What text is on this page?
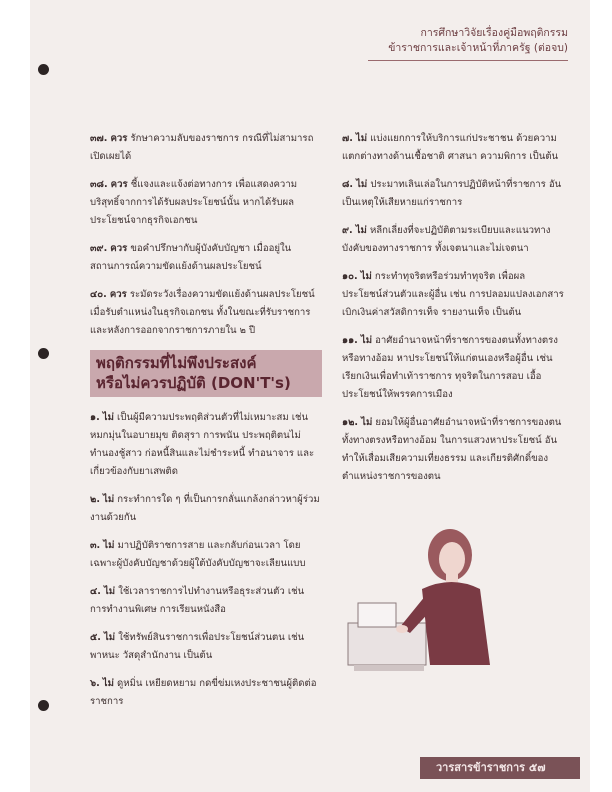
การศึกษาวิจัยเรื่องคู่มือพฤติกรรม
ข้าราชการและเจ้าหน้าที่ภาครัฐ (ต่อจบ)
๓๗. ควร รักษาความลับของราชการ กรณีที่ไม่สามารถเปิดเผยได้
๓๘. ควร ชี้แจงและแจ้งต่อทางการ เพื่อแสดงความบริสุทธิ์จากการได้รับผลประโยชน์นั้น หากได้รับผลประโยชน์จากธุรกิจเอกชน
๓๙. ควร ขอคำปรึกษากับผู้บังคับบัญชา เมื่ออยู่ในสถานการณ์ความขัดแย้งด้านผลประโยชน์
๔๐. ควร ระมัดระวังเรื่องความขัดแย้งด้านผลประโยชน์ เมื่อรับตำแหน่งในธุรกิจเอกชน ทั้งในขณะที่รับราชการ และหลังการออกจากราชการภายใน ๒ ปี
พฤติกรรมที่ไม่พึงประสงค์
หรือไม่ควรปฏิบัติ (DON'T's)
๑. ไม่ เป็นผู้มีความประพฤติส่วนตัวที่ไม่เหมาะสม เช่น หมกมุ่นในอบายมุข ติดสุรา การพนัน ประพฤติตนไม่ทำนองชู้สาว ก่อหนี้สินและไม่ชำระหนี้ ทำอนาจาร และเกี่ยวข้องกับยาเสพติด
๒. ไม่ กระทำการใด ๆ ที่เป็นการกลั่นแกล้งกล่าวหาผู้ร่วมงานด้วยกัน
๓. ไม่ มาปฏิบัติราชการสาย และกลับก่อนเวลา โดยเฉพาะผู้บังคับบัญชาด้วยผู้ใต้บังคับบัญชาจะเลียนแบบ
๔. ไม่ ใช้เวลาราชการไปทำงานหรือธุระส่วนตัว เช่น การทำงานพิเศษ การเรียนหนังสือ
๕. ไม่ ใช้ทรัพย์สินราชการเพื่อประโยชน์ส่วนตน เช่น พาหนะ วัสดุสำนักงาน เป็นต้น
๖. ไม่ ดูหมิ่น เหยียดหยาม กดขี่ข่มเหงประชาชนผู้ติดต่อราชการ
๗. ไม่ แบ่งแยกการให้บริการแก่ประชาชน ด้วยความแตกต่างทางด้านเชื้อชาติ ศาสนา ความพิการ เป็นต้น
๘. ไม่ ประมาทเลินเล่อในการปฏิบัติหน้าที่ราชการ อันเป็นเหตุให้เสียหายแก่ราชการ
๙. ไม่ หลีกเลี่ยงที่จะปฏิบัติตามระเบียบและแนวทางบังคับของทางราชการ ทั้งเจตนาและไม่เจตนา
๑๐. ไม่ กระทำทุจริตหรือร่วมทำทุจริต เพื่อผลประโยชน์ส่วนตัวและผู้อื่น เช่น การปลอมแปลงเอกสาร เบิกเงินค่าสวัสดิการเท็จ รายงานเท็จ เป็นต้น
๑๑. ไม่ อาศัยอำนาจหน้าที่ราชการของตนทั้งทางตรงหรือทางอ้อม หาประโยชน์ให้แก่ตนเองหรือผู้อื่น เช่น เรียกเงินเพื่อทำเท้าราชการ ทุจริตในการสอบ เอื้อประโยชน์ให้พรรคการเมือง
๑๒. ไม่ ยอมให้ผู้อื่นอาศัยอำนาจหน้าที่ราชการของตนทั้งทางตรงหรือทางอ้อม ในการแสวงหาประโยชน์ อันทำให้เสื่อมเสียความเที่ยงธรรม และเกียรติศักดิ์ของตำแหน่งราชการของตน
วารสารข้าราชการ ๕๗
